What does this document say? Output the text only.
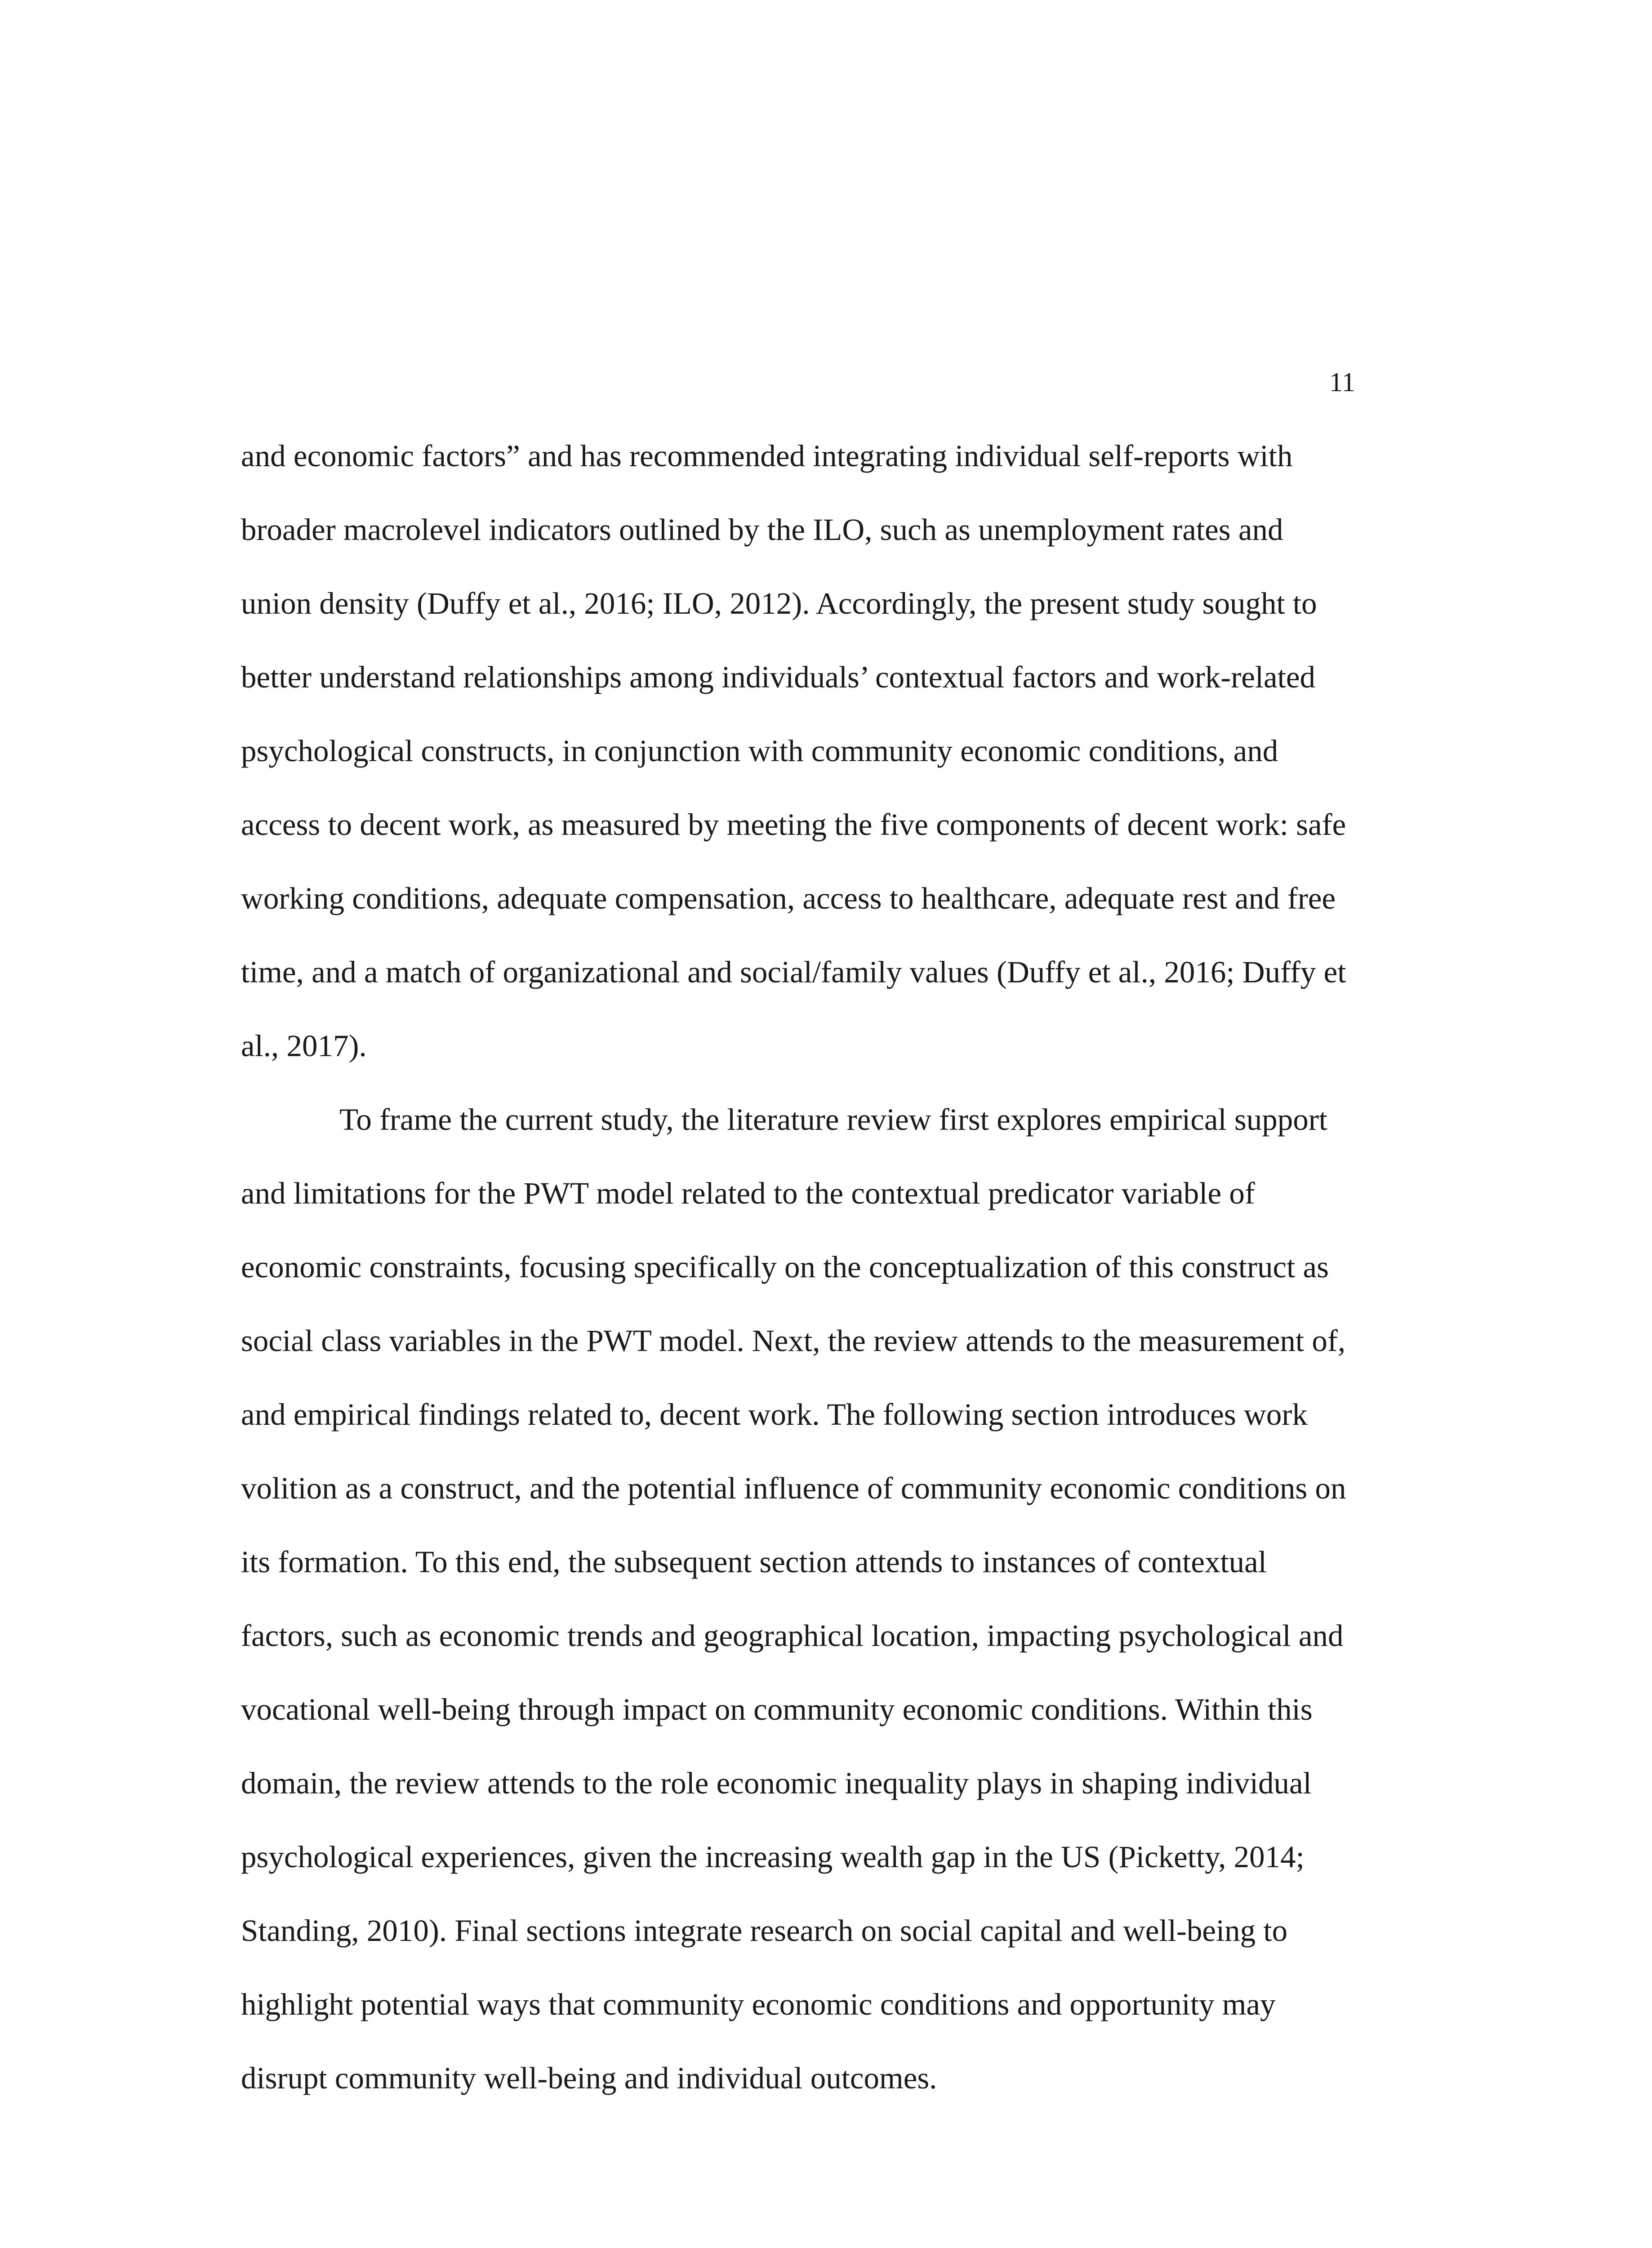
11
and economic factors” and has recommended integrating individual self-reports with
broader macrolevel indicators outlined by the ILO, such as unemployment rates and
union density (Duffy et al., 2016; ILO, 2012). Accordingly, the present study sought to
better understand relationships among individuals’ contextual factors and work-related
psychological constructs, in conjunction with community economic conditions, and
access to decent work, as measured by meeting the five components of decent work: safe
working conditions, adequate compensation, access to healthcare, adequate rest and free
time, and a match of organizational and social/family values (Duffy et al., 2016; Duffy et
al., 2017).
To frame the current study, the literature review first explores empirical support
and limitations for the PWT model related to the contextual predicator variable of
economic constraints, focusing specifically on the conceptualization of this construct as
social class variables in the PWT model. Next, the review attends to the measurement of,
and empirical findings related to, decent work. The following section introduces work
volition as a construct, and the potential influence of community economic conditions on
its formation. To this end, the subsequent section attends to instances of contextual
factors, such as economic trends and geographical location, impacting psychological and
vocational well-being through impact on community economic conditions. Within this
domain, the review attends to the role economic inequality plays in shaping individual
psychological experiences, given the increasing wealth gap in the US (Picketty, 2014;
Standing, 2010). Final sections integrate research on social capital and well-being to
highlight potential ways that community economic conditions and opportunity may
disrupt community well-being and individual outcomes.
